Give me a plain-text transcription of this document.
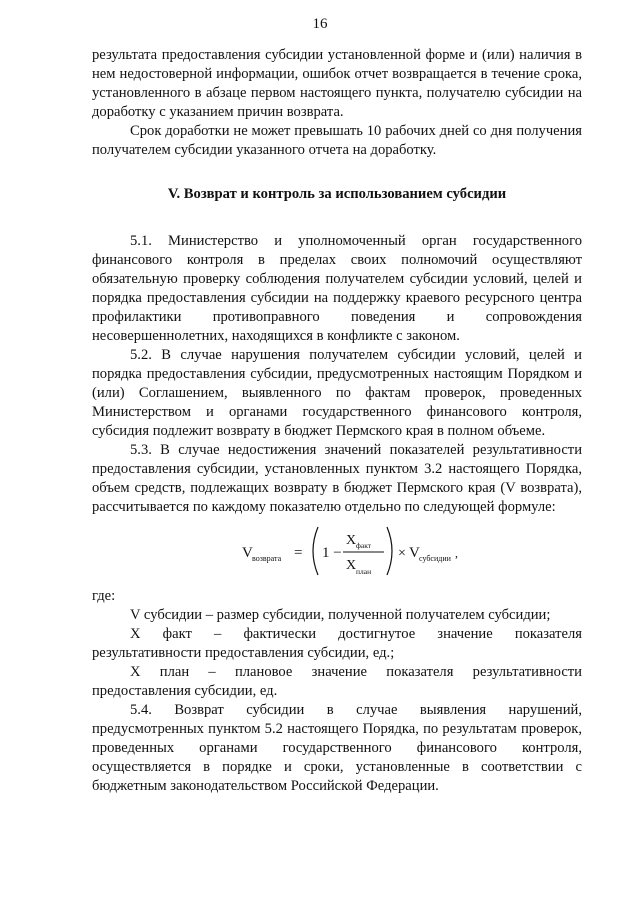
16

результата предоставления субсидии установленной форме и (или) наличия в нем недостоверной информации, ошибок отчет возвращается в течение срока, установленного в абзаце первом настоящего пункта, получателю субсидии на доработку с указанием причин возврата.

Срок доработки не может превышать 10 рабочих дней со дня получения получателем субсидии указанного отчета на доработку.

V. Возврат и контроль за использованием субсидии

5.1. Министерство и уполномоченный орган государственного финансового контроля в пределах своих полномочий осуществляют обязательную проверку соблюдения получателем субсидии условий, целей и порядка предоставления субсидии на поддержку краевого ресурсного центра профилактики противоправного поведения и сопровождения несовершеннолетних, находящихся в конфликте с законом.

5.2. В случае нарушения получателем субсидии условий, целей и порядка предоставления субсидии, предусмотренных настоящим Порядком и (или) Соглашением, выявленного по фактам проверок, проведенных Министерством и органами государственного финансового контроля, субсидия подлежит возврату в бюджет Пермского края в полном объеме.

5.3. В случае недостижения значений показателей результативности предоставления субсидии, установленных пунктом 3.2 настоящего Порядка, объем средств, подлежащих возврату в бюджет Пермского края (V возврата), рассчитывается по каждому показателю отдельно по следующей формуле:

V возврата = 1 −
X факт
X план
× V субсидии ,

где:

V субсидии – размер субсидии, полученной получателем субсидии;

Х факт – фактически достигнутое значение показателя результативности предоставления субсидии, ед.;

Х план – плановое значение показателя результативности предоставления субсидии, ед.

5.4. Возврат субсидии в случае выявления нарушений, предусмотренных пунктом 5.2 настоящего Порядка, по результатам проверок, проведенных органами государственного финансового контроля, осуществляется в порядке и сроки, установленные в соответствии с бюджетным законодательством Российской Федерации.
